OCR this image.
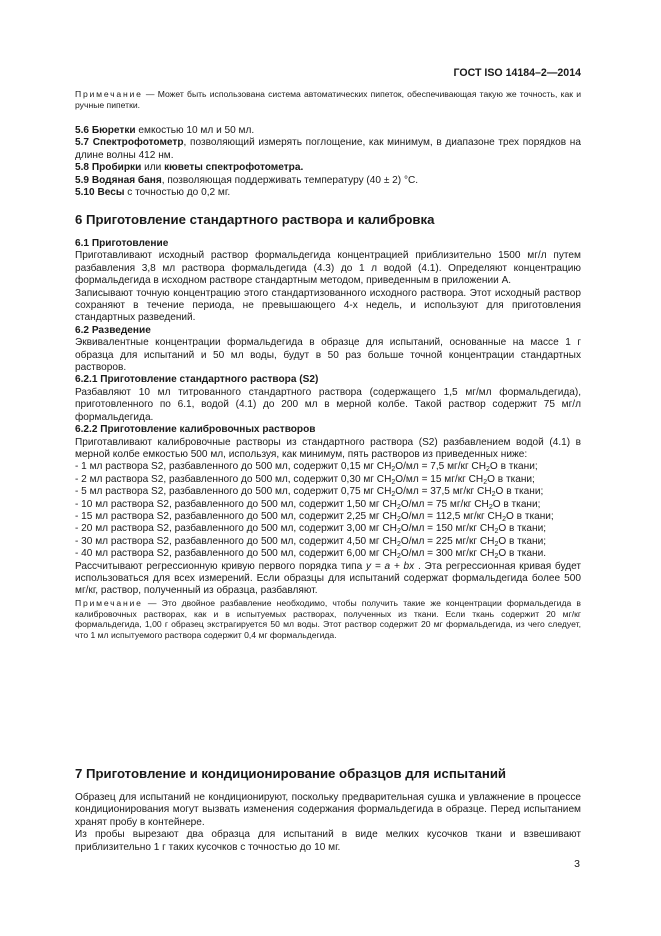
ГОСТ ISO 14184–2—2014

Примечание — Может быть использована система автоматических пипеток, обеспечивающая такую же точность, как и ручные пипетки.

5.6 Бюретки емкостью 10 мл и 50 мл.

5.7 Спектрофотометр, позволяющий измерять поглощение, как минимум, в диапазоне трех порядков на длине волны 412 нм.

5.8 Пробирки или кюветы спектрофотометра.

5.9 Водяная баня, позволяющая поддерживать температуру (40 ± 2) °С.

5.10 Весы с точностью до 0,2 мг.

6 Приготовление стандартного раствора и калибровка

6.1 Приготовление

Приготавливают исходный раствор формальдегида концентрацией приблизительно 1500 мг/л путем разбавления 3,8 мл раствора формальдегида (4.3) до 1 л водой (4.1). Определяют концентрацию формальдегида в исходном растворе стандартным методом, приведенным в приложении А.

Записывают точную концентрацию этого стандартизованного исходного раствора. Этот исходный раствор сохраняют в течение периода, не превышающего 4-х недель, и используют для приготовления стандартных разведений.

6.2 Разведение

Эквивалентные концентрации формальдегида в образце для испытаний, основанные на массе 1 г образца для испытаний и 50 мл воды, будут в 50 раз больше точной концентрации стандартных растворов.

6.2.1 Приготовление стандартного раствора (S2)

Разбавляют 10 мл титрованного стандартного раствора (содержащего 1,5 мг/мл формальдегида), приготовленного по 6.1, водой (4.1) до 200 мл в мерной колбе. Такой раствор содержит 75 мг/л формальдегида.

6.2.2 Приготовление калибровочных растворов

Приготавливают калибровочные растворы из стандартного раствора (S2) разбавлением водой (4.1) в мерной колбе емкостью 500 мл, используя, как минимум, пять растворов из приведенных ниже:

- 1 мл раствора S2, разбавленного до 500 мл, содержит 0,15 мг $CH_2O/мл = 7,5$ мг/кг $CH_2O$ в ткани;

- 2 мл раствора S2, разбавленного до 500 мл, содержит 0,30 мг $CH_2O/мл = 15$ мг/кг $CH_2O$ в ткани;

- 5 мл раствора S2, разбавленного до 500 мл, содержит 0,75 мг $CH_2O/мл = 37,5$ мг/кг $CH_2O$ в ткани;

- 10 мл раствора S2, разбавленного до 500 мл, содержит 1,50 мг $CH_2O/мл = 75$ мг/кг $CH_2O$ в ткани;

- 15 мл раствора S2, разбавленного до 500 мл, содержит 2,25 мг $CH_2O/мл = 112,5$ мг/кг $CH_2O$ в ткани;

- 20 мл раствора S2, разбавленного до 500 мл, содержит 3,00 мг $CH_2O/мл = 150$ мг/кг $CH_2O$ в ткани;

- 30 мл раствора S2, разбавленного до 500 мл, содержит 4,50 мг $CH_2O/мл = 225$ мг/кг $CH_2O$ в ткани;

- 40 мл раствора S2, разбавленного до 500 мл, содержит 6,00 мг $CH_2O/мл = 300$ мг/кг $CH_2O$ в ткани.

Рассчитывают регрессионную кривую первого порядка типа y = a + bx . Эта регрессионная кривая будет использоваться для всех измерений. Если образцы для испытаний содержат формальдегида более 500 мг/кг, раствор, полученный из образца, разбавляют.

Примечание — Это двойное разбавление необходимо, чтобы получить такие же концентрации формальдегида в калибровочных растворах, как и в испытуемых растворах, полученных из ткани. Если ткань содержит 20 мг/кг формальдегида, 1,00 г образец экстрагируется 50 мл воды. Этот раствор содержит 20 мг формальдегида, из чего следует, что 1 мл испытуемого раствора содержит 0,4 мг формальдегида.

7 Приготовление и кондиционирование образцов для испытаний

Образец для испытаний не кондиционируют, поскольку предварительная сушка и увлажнение в процессе кондиционирования могут вызвать изменения содержания формальдегида в образце. Перед испытанием хранят пробу в контейнере.

Из пробы вырезают два образца для испытаний в виде мелких кусочков ткани и взвешивают приблизительно 1 г таких кусочков с точностью до 10 мг.

3
